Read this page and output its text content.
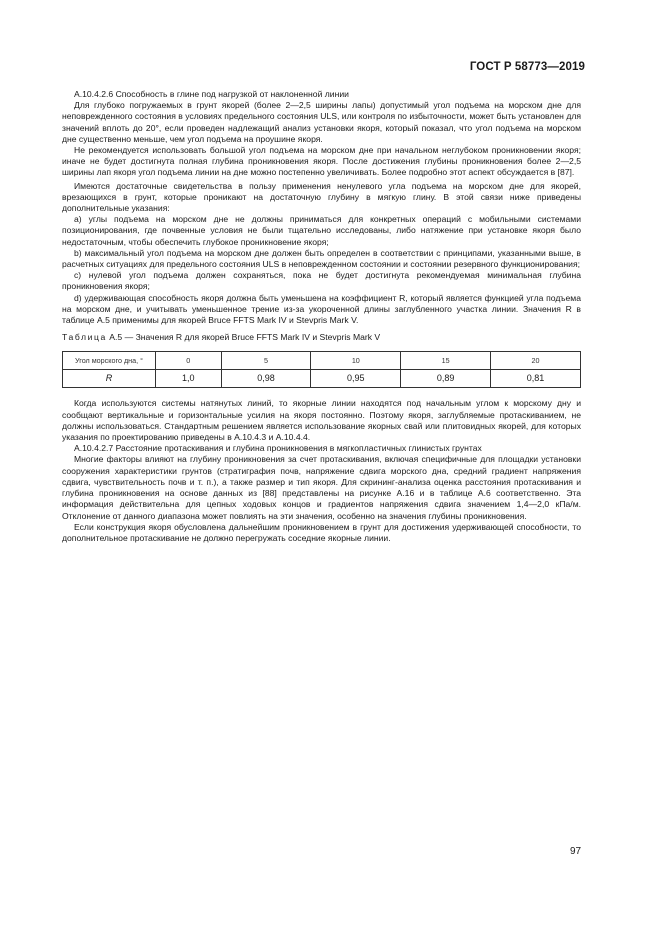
ГОСТ Р 58773—2019

A.10.4.2.6 Способность в глине под нагрузкой от наклоненной линии

Для глубоко погружаемых в грунт якорей (более 2—2,5 ширины лапы) допустимый угол подъема на морском дне для неповрежденного состояния в условиях предельного состояния ULS, или контроля по избыточности, может быть установлен для значений вплоть до 20°, если проведен надлежащий анализ установки якоря, который показал, что угол подъема на морском дне существенно меньше, чем угол подъема на проушине якоря.

Не рекомендуется использовать большой угол подъема на морском дне при начальном неглубоком проникновении якоря; иначе не будет достигнута полная глубина проникновения якоря. После достижения глубины проникновения более 2—2,5 ширины лап якоря угол подъема линии на дне можно постепенно увеличивать. Более подробно этот аспект обсуждается в [87].

Имеются достаточные свидетельства в пользу применения ненулевого угла подъема на морском дне для якорей, врезающихся в грунт, которые проникают на достаточную глубину в мягкую глину. В этой связи ниже приведены дополнительные указания:

а) углы подъема на морском дне не должны приниматься для конкретных операций с мобильными системами позиционирования, где почвенные условия не были тщательно исследованы, либо натяжение при установке якоря было недостаточным, чтобы обеспечить глубокое проникновение якоря;

b) максимальный угол подъема на морском дне должен быть определен в соответствии с принципами, указанными выше, в расчетных ситуациях для предельного состояния ULS в неповрежденном состоянии и состоянии резервного функционирования;

c) нулевой угол подъема должен сохраняться, пока не будет достигнута рекомендуемая минимальная глубина проникновения якоря;

d) удерживающая способность якоря должна быть уменьшена на коэффициент R, который является функцией угла подъема на морском дне, и учитывать уменьшенное трение из-за укороченной длины заглубленного участка линии. Значения R в таблице А.5 применимы для якорей Bruce FFTS Mark IV и Stevpris Mark V.

Таблица А.5 — Значения R для якорей Bruce FFTS Mark IV и Stevpris Mark V
Угол морского дна, °	0	5	10	15	20
R	1,0	0,98	0,95	0,89	0,81

Когда используются системы натянутых линий, то якорные линии находятся под начальным углом к морскому дну и сообщают вертикальные и горизонтальные усилия на якоря постоянно. Поэтому якоря, заглубляемые протаскиванием, не должны использоваться. Стандартным решением является использование якорных свай или плитовидных якорей, для которых указания по проектированию приведены в А.10.4.3 и А.10.4.4.

А.10.4.2.7 Расстояние протаскивания и глубина проникновения в мягкопластичных глинистых грунтах

Многие факторы влияют на глубину проникновения за счет протаскивания, включая специфичные для площадки установки сооружения характеристики грунтов (стратиграфия почв, напряжение сдвига морского дна, средний градиент напряжения сдвига, чувствительность почв и т. п.), а также размер и тип якоря. Для скрининг-анализа оценка расстояния протаскивания и глубина проникновения на основе данных из [88] представлены на рисунке А.16 и в таблице А.6 соответственно. Эта информация действительна для цепных ходовых концов и градиентов напряжения сдвига значением 1,4—2,0 кПа/м. Отклонение от данного диапазона может повлиять на эти значения, особенно на значения глубины проникновения.

Если конструкция якоря обусловлена дальнейшим проникновением в грунт для достижения удерживающей способности, то дополнительное протаскивание не должно перегружать соседние якорные линии.

97
